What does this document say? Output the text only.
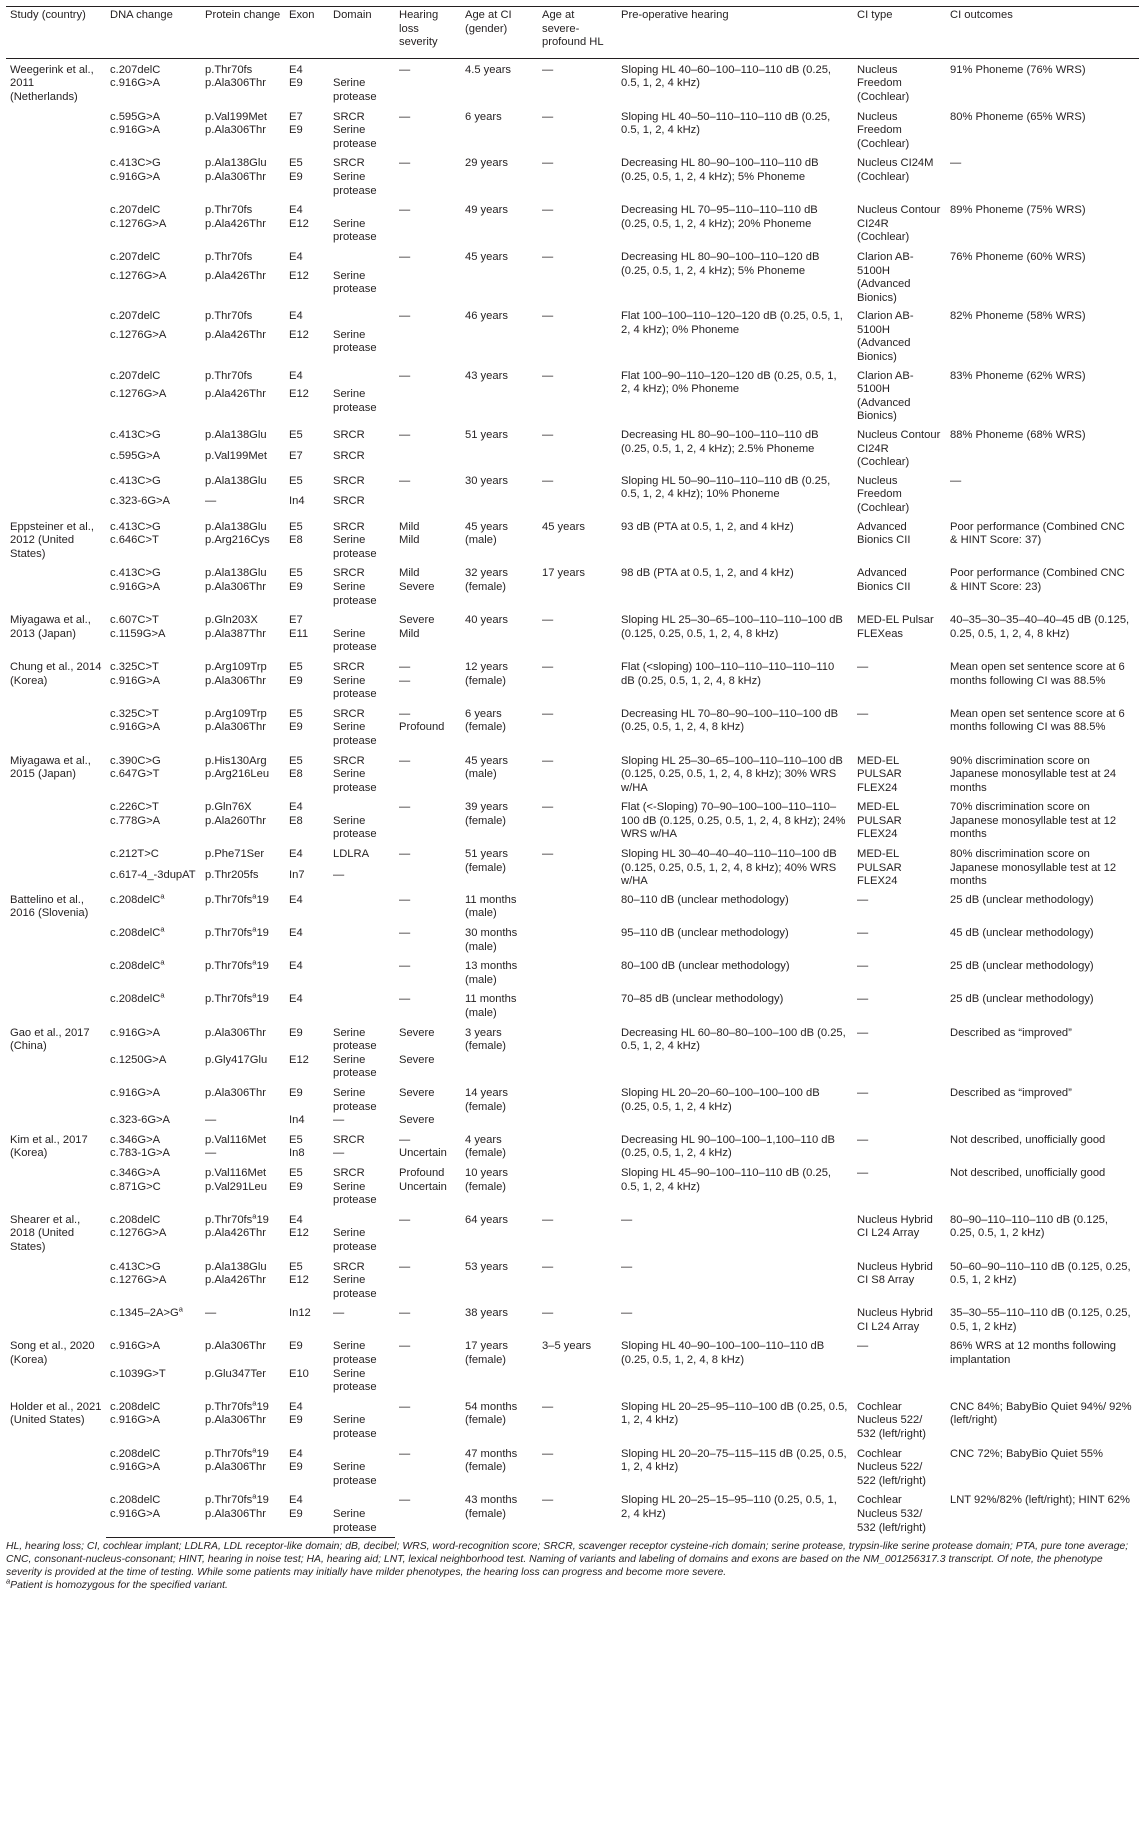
Study (country)	DNA change	Protein change	Exon	Domain	Hearing loss severity	Age at CI (gender)	Age at severe-profound HL	Pre-operative hearing	CI type	CI outcomes
Weegerink et al., 2011 (Netherlands)	c.207delC	p.Thr70fs	E4		—	4.5 years	—	Sloping HL 40–60–100–110–110 dB (0.25, 0.5, 1, 2, 4 kHz)	Nucleus Freedom (Cochlear)	91% Phoneme (76% WRS)
	c.916G>A	p.Ala306Thr	E9	Serine protease						
	c.595G>A	p.Val199Met	E7	SRCR	—	6 years	—	Sloping HL 40–50–110–110–110 dB (0.25, 0.5, 1, 2, 4 kHz)	Nucleus Freedom (Cochlear)	80% Phoneme (65% WRS)
	c.916G>A	p.Ala306Thr	E9	Serine protease						
	c.413C>G	p.Ala138Glu	E5	SRCR	—	29 years	—	Decreasing HL 80–90–100–110–110 dB (0.25, 0.5, 1, 2, 4 kHz); 5% Phoneme	Nucleus CI24M (Cochlear)	—
	c.916G>A	p.Ala306Thr	E9	Serine protease						
	c.207delC	p.Thr70fs	E4		—	49 years	—	Decreasing HL 70–95–110–110–110 dB (0.25, 0.5, 1, 2, 4 kHz); 20% Phoneme	Nucleus Contour CI24R (Cochlear)	89% Phoneme (75% WRS)
	c.1276G>A	p.Ala426Thr	E12	Serine protease						
	c.207delC	p.Thr70fs	E4		—	45 years	—	Decreasing HL 80–90–100–110–120 dB (0.25, 0.5, 1, 2, 4 kHz); 5% Phoneme	Clarion AB-5100H (Advanced Bionics)	76% Phoneme (60% WRS)
	c.1276G>A	p.Ala426Thr	E12	Serine protease						
	c.207delC	p.Thr70fs	E4		—	46 years	—	Flat 100–100–110–120–120 dB (0.25, 0.5, 1, 2, 4 kHz); 0% Phoneme	Clarion AB-5100H (Advanced Bionics)	82% Phoneme (58% WRS)
	c.1276G>A	p.Ala426Thr	E12	Serine protease						
	c.207delC	p.Thr70fs	E4		—	43 years	—	Flat 100–90–110–120–120 dB (0.25, 0.5, 1, 2, 4 kHz); 0% Phoneme	Clarion AB-5100H (Advanced Bionics)	83% Phoneme (62% WRS)
	c.1276G>A	p.Ala426Thr	E12	Serine protease						
	c.413C>G	p.Ala138Glu	E5	SRCR	—	51 years	—	Decreasing HL 80–90–100–110–110 dB (0.25, 0.5, 1, 2, 4 kHz); 2.5% Phoneme	Nucleus Contour CI24R (Cochlear)	88% Phoneme (68% WRS)
	c.595G>A	p.Val199Met	E7	SRCR						
	c.413C>G	p.Ala138Glu	E5	SRCR	—	30 years	—	Sloping HL 50–90–110–110–110 dB (0.25, 0.5, 1, 2, 4 kHz); 10% Phoneme	Nucleus Freedom (Cochlear)	—
	c.323-6G>A	—	In4	SRCR						
Eppsteiner et al., 2012 (United States)	c.413C>G	p.Ala138Glu	E5	SRCR	Mild	45 years (male)	45 years	93 dB (PTA at 0.5, 1, 2, and 4 kHz)	Advanced Bionics CII	Poor performance (Combined CNC & HINT Score: 37)
	c.646C>T	p.Arg216Cys	E8	Serine protease	Mild					
	c.413C>G	p.Ala138Glu	E5	SRCR	Mild	32 years (female)	17 years	98 dB (PTA at 0.5, 1, 2, and 4 kHz)	Advanced Bionics CII	Poor performance (Combined CNC & HINT Score: 23)
	c.916G>A	p.Ala306Thr	E9	Serine protease	Severe					
Miyagawa et al., 2013 (Japan)	c.607C>T	p.Gln203X	E7		Severe	40 years	—	Sloping HL 25–30–65–100–110–110–100 dB (0.125, 0.25, 0.5, 1, 2, 4, 8 kHz)	MED-EL Pulsar FLEXeas	40–35–30–35–40–40–45 dB (0.125, 0.25, 0.5, 1, 2, 4, 8 kHz)
	c.1159G>A	p.Ala387Thr	E11	Serine protease	Mild					
Chung et al., 2014 (Korea)	c.325C>T	p.Arg109Trp	E5	SRCR	—	12 years (female)	—	Flat (<sloping) 100–110–110–110–110–110 dB (0.25, 0.5, 1, 2, 4, 8 kHz)	—	Mean open set sentence score at 6 months following CI was 88.5%
	c.916G>A	p.Ala306Thr	E9	Serine protease	—					
	c.325C>T	p.Arg109Trp	E5	SRCR	—	6 years (female)	—	Decreasing HL 70–80–90–100–110–100 dB (0.25, 0.5, 1, 2, 4, 8 kHz)	—	Mean open set sentence score at 6 months following CI was 88.5%
	c.916G>A	p.Ala306Thr	E9	Serine protease	Profound					
Miyagawa et al., 2015 (Japan)	c.390C>G	p.His130Arg	E5	SRCR	—	45 years (male)	—	Sloping HL 25–30–65–100–110–110–100 dB (0.125, 0.25, 0.5, 1, 2, 4, 8 kHz); 30% WRS w/HA	MED-EL PULSAR FLEX24	90% discrimination score on Japanese monosyllable test at 24 months
	c.647G>T	p.Arg216Leu	E8	Serine protease						
	c.226C>T	p.Gln76X	E4		—	39 years (female)	—	Flat (<-Sloping) 70–90–100–100–110–110–100 dB (0.125, 0.25, 0.5, 1, 2, 4, 8 kHz); 24% WRS w/HA	MED-EL PULSAR FLEX24	70% discrimination score on Japanese monosyllable test at 12 months
	c.778G>A	p.Ala260Thr	E8	Serine protease						
	c.212T>C	p.Phe71Ser	E4	LDLRA	—	51 years (female)	—	Sloping HL 30–40–40–40–110–110–100 dB (0.125, 0.25, 0.5, 1, 2, 4, 8 kHz); 40% WRS w/HA	MED-EL PULSAR FLEX24	80% discrimination score on Japanese monosyllable test at 12 months
	c.617-4_-3dupAT	p.Thr205fs	In7	—						
Battelino et al., 2016 (Slovenia)	c.208delC$^a$	$p.Thr70fs^a19$	E4		—	11 months (male)		80–110 dB (unclear methodology)	—	25 dB (unclear methodology)
	c.208delC$^a$	$p.Thr70fs^a19$	E4		—	30 months (male)		95–110 dB (unclear methodology)	—	45 dB (unclear methodology)
	c.208delC$^a$	$p.Thr70fs^a19$	E4		—	13 months (male)		80–100 dB (unclear methodology)	—	25 dB (unclear methodology)
	c.208delC$^a$	$p.Thr70fs^a19$	E4		—	11 months (male)		70–85 dB (unclear methodology)	—	25 dB (unclear methodology)
Gao et al., 2017 (China)	c.916G>A	p.Ala306Thr	E9	Serine protease	Severe	3 years (female)		Decreasing HL 60–80–80–100–100 dB (0.25, 0.5, 1, 2, 4 kHz)	—	Described as “improved”
	c.1250G>A	p.Gly417Glu	E12	Serine protease	Severe					
	c.916G>A	p.Ala306Thr	E9	Serine protease	Severe	14 years (female)		Sloping HL 20–20–60–100–100–100 dB (0.25, 0.5, 1, 2, 4 kHz)	—	Described as “improved”
	c.323-6G>A	—	In4	—	Severe					
Kim et al., 2017 (Korea)	c.346G>A	p.Val116Met	E5	SRCR	—	4 years (female)		Decreasing HL 90–100–100–1,100–110 dB (0.25, 0.5, 1, 2, 4 kHz)	—	Not described, unofficially good
	c.783-1G>A	—	In8	—	Uncertain					
	c.346G>A	p.Val116Met	E5	SRCR	Profound	10 years (female)		Sloping HL 45–90–100–110–110 dB (0.25, 0.5, 1, 2, 4 kHz)	—	Not described, unofficially good
	c.871G>C	p.Val291Leu	E9	Serine protease	Uncertain					
Shearer et al., 2018 (United States)	c.208delC	$p.Thr70fs^a19$	E4		—	64 years	—	—	Nucleus Hybrid CI L24 Array	80–90–110–110–110 dB (0.125, 0.25, 0.5, 1, 2 kHz)
	c.1276G>A	p.Ala426Thr	E12	Serine protease						
	c.413C>G	p.Ala138Glu	E5	SRCR	—	53 years	—	—	Nucleus Hybrid CI S8 Array	50–60–90–110–110 dB (0.125, 0.25, 0.5, 1, 2 kHz)
	c.1276G>A	p.Ala426Thr	E12	Serine protease						
	$c.1345-2A>G^a$	—	In12	—	—	38 years	—	—	Nucleus Hybrid CI L24 Array	35–30–55–110–110 dB (0.125, 0.25, 0.5, 1, 2 kHz)
Song et al., 2020 (Korea)	c.916G>A	p.Ala306Thr	E9	Serine protease	—	17 years (female)	3–5 years	Sloping HL 40–90–100–100–110–110 dB (0.25, 0.5, 1, 2, 4, 8 kHz)	—	86% WRS at 12 months following implantation
	c.1039G>T	p.Glu347Ter	E10	Serine protease						
Holder et al., 2021 (United States)	c.208delC	$p.Thr70fs^a19$	E4		—	54 months (female)	—	Sloping HL 20–25–95–110–100 dB (0.25, 0.5, 1, 2, 4 kHz)	Cochlear Nucleus 522/ 532 (left/right)	CNC 84%; BabyBio Quiet 94%/ 92% (left/right)
	c.916G>A	p.Ala306Thr	E9	Serine protease						
	c.208delC	$p.Thr70fs^a19$	E4		—	47 months (female)	—	Sloping HL 20–20–75–115–115 dB (0.25, 0.5, 1, 2, 4 kHz)	Cochlear Nucleus 522/ 522 (left/right)	CNC 72%; BabyBio Quiet 55%
	c.916G>A	p.Ala306Thr	E9	Serine protease						
	c.208delC	$p.Thr70fs^a19$	E4		—	43 months (female)	—	Sloping HL 20–25–15–95–110 (0.25, 0.5, 1, 2, 4 kHz)	Cochlear Nucleus 532/ 532 (left/right)	LNT 92%/82% (left/right); HINT 62%
	c.916G>A	p.Ala306Thr	E9	Serine protease						
HL, hearing loss; CI, cochlear implant; LDLRA, LDL receptor-like domain; dB, decibel; WRS, word-recognition score; SRCR, scavenger receptor cysteine-rich domain; serine protease, trypsin-like serine protease domain; PTA, pure tone average; CNC, consonant-nucleus-consonant; HINT, hearing in noise test; HA, hearing aid; LNT, lexical neighborhood test. Naming of variants and labeling of domains and exons are based on the NM_001256317.3 transcript. Of note, the phenotype severity is provided at the time of testing. While some patients may initially have milder phenotypes, the hearing loss can progress and become more severe.
$^a$Patient is homozygous for the specified variant.
